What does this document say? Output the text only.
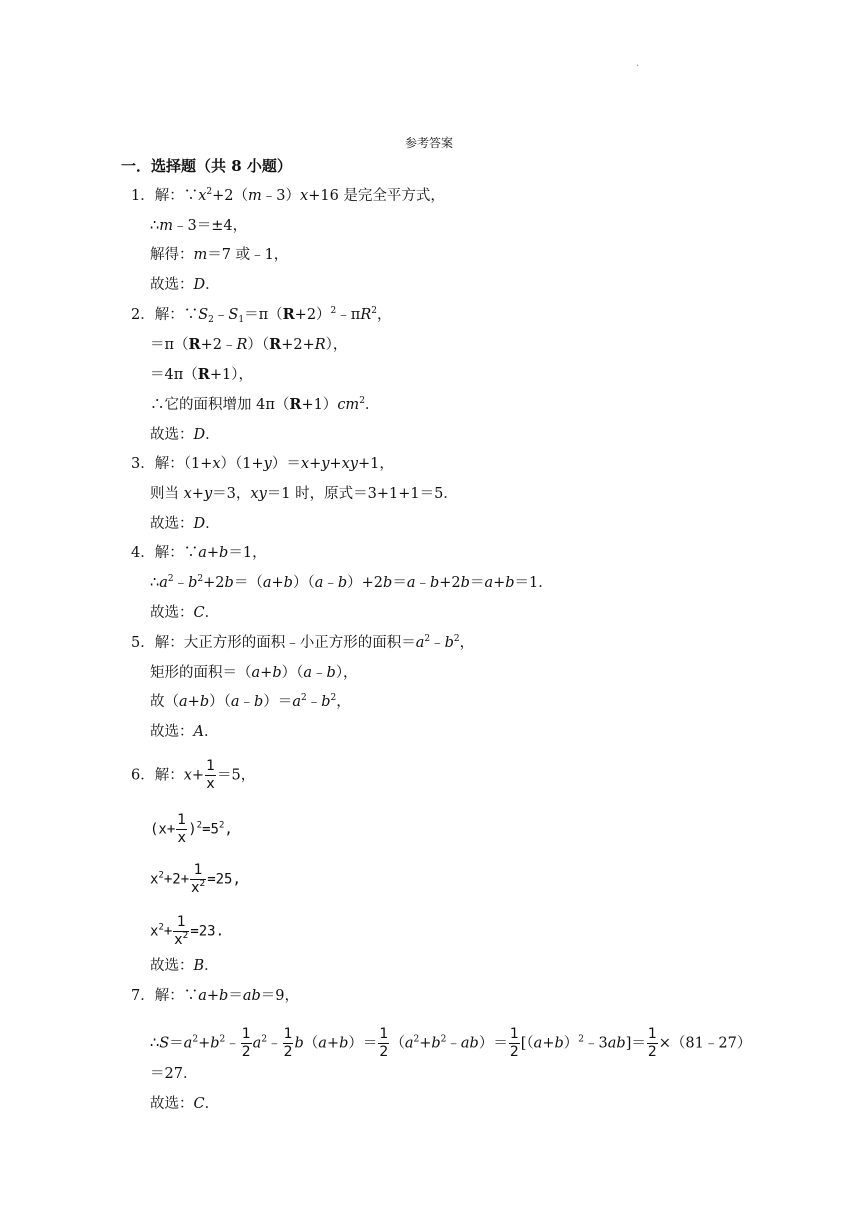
.
参考答案
一．选择题（共 8 小题）
1．解：$\because x^2+2(m﹣3)x+16$ 是完全平方式，
∴m﹣3＝±4，
解得：m＝7 或﹣1，
故选：D．
2．解：$\because S_2﹣S_1=\pi(R+2)^2﹣\pi R^2$，
＝π（R+2﹣R）（R+2+R），
＝4π（R+1），
∴它的面积增加 $4\pi(R+1)cm^2$．
故选：D．
3．解：（1+x）（1+y）＝x+y+xy+1，
则当 x+y＝3，xy＝1 时，原式＝3+1+1＝5．
故选：D．
4．解：∵a+b＝1，
$\therefore a^2﹣b^2+2b=(a+b)(a﹣b)+2b=a﹣b+2b=a+b=1$．
故选：C．
5．解：大正方形的面积﹣小正方形的面积$=a^2﹣b^2$，
矩形的面积＝（a+b）（a﹣b），
故$(a+b)(a﹣b)=a^2﹣b^2$，
故选：A．
6．解：$x+ \frac{1}{x} =5$，
$(x+ \frac{1}{x} )^2=5^2$,
$x^2+2+ \frac{1}{x^2} =25$,
$x^2+ \frac{1}{x^2} =23$.
故选：B．
7．解：∵a+b＝ab＝9，
$\therefore S=a^2+b^2﹣ \frac{1}{2}$ $a^2﹣ \frac{1}{2} b(a+b)= \frac{1}{2}$ $(a^2+b^2﹣ab)= \frac{1}{2}$ $[(a+b)^2﹣3ab]= \frac{1}{2}$ ×（81﹣27）
＝27．
故选：C．
